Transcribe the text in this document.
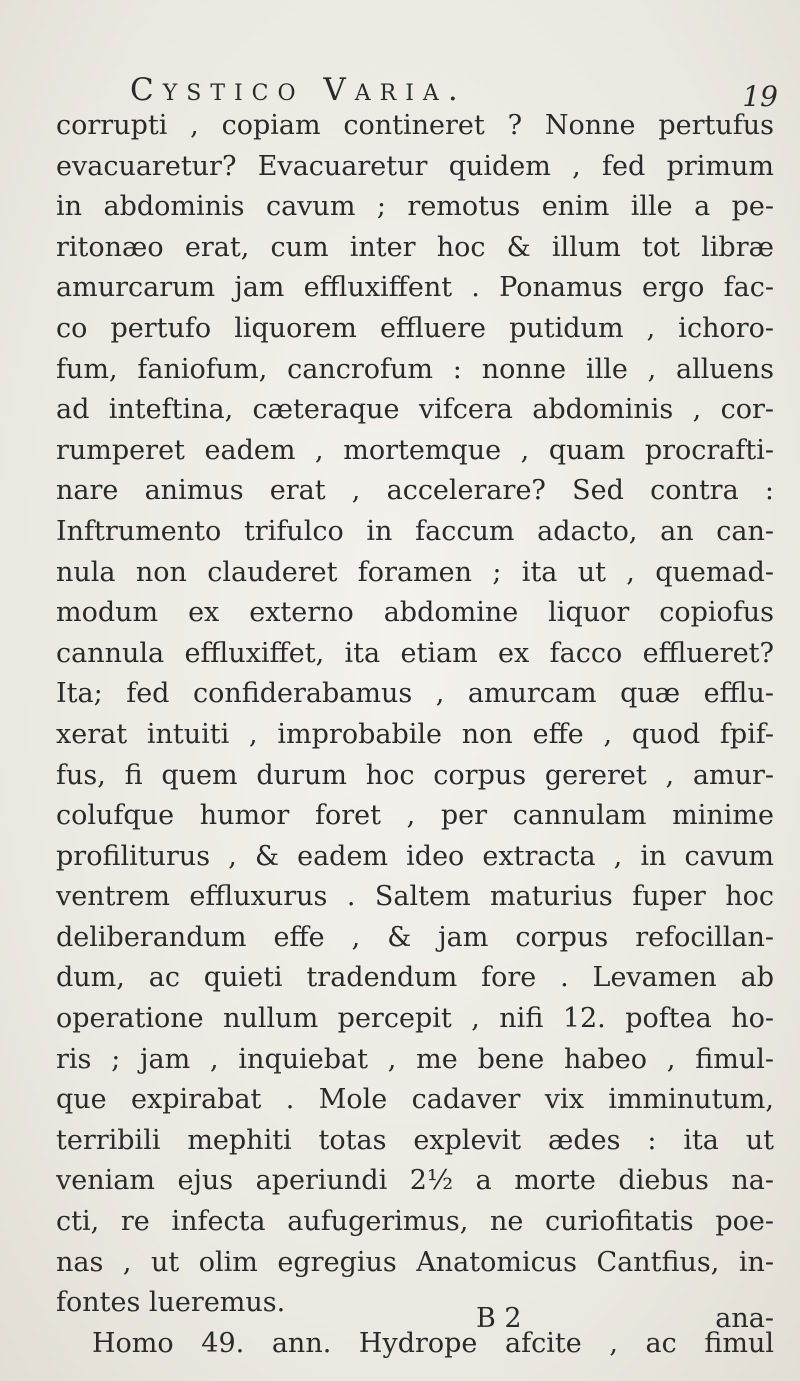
Cystico Varia.	19
corrupti , copiam contineret ? Nonne pertufus
evacuaretur? Evacuaretur quidem , fed primum
in abdominis cavum ; remotus enim ille a pe-
ritonæo erat, cum inter hoc & illum tot libræ
amurcarum jam effluxiffent . Ponamus ergo fac-
co pertufo liquorem effluere putidum , ichoro-
fum, faniofum, cancrofum : nonne ille , alluens
ad inteftina, cæteraque vifcera abdominis , cor-
rumperet eadem , mortemque , quam procrafti-
nare animus erat , accelerare? Sed contra :
Inftrumento trifulco in faccum adacto, an can-
nula non clauderet foramen ; ita ut , quemad-
modum ex externo abdomine liquor copiofus
cannula effluxiffet, ita etiam ex facco efflueret?
Ita; fed confiderabamus , amurcam quæ efflu-
xerat intuiti , improbabile non effe , quod fpif-
fus, fi quem durum hoc corpus gereret , amur-
colufque humor foret , per cannulam minime
profiliturus , & eadem ideo extracta , in cavum
ventrem effluxurus . Saltem maturius fuper hoc
deliberandum effe , & jam corpus refocillan-
dum, ac quieti tradendum fore . Levamen ab
operatione nullum percepit , nifi 12. poftea ho-
ris ; jam , inquiebat , me bene habeo , fimul-
que expirabat . Mole cadaver vix imminutum,
terribili mephiti totas explevit ædes : ita ut
veniam ejus aperiundi 2½ a morte diebus na-
cti, re infecta aufugerimus, ne curiofitatis poe-
nas , ut olim egregius Anatomicus Cantfius, in-
fontes lueremus.
Homo 49. ann. Hydrope afcite , ac fimul
B 2	ana-
